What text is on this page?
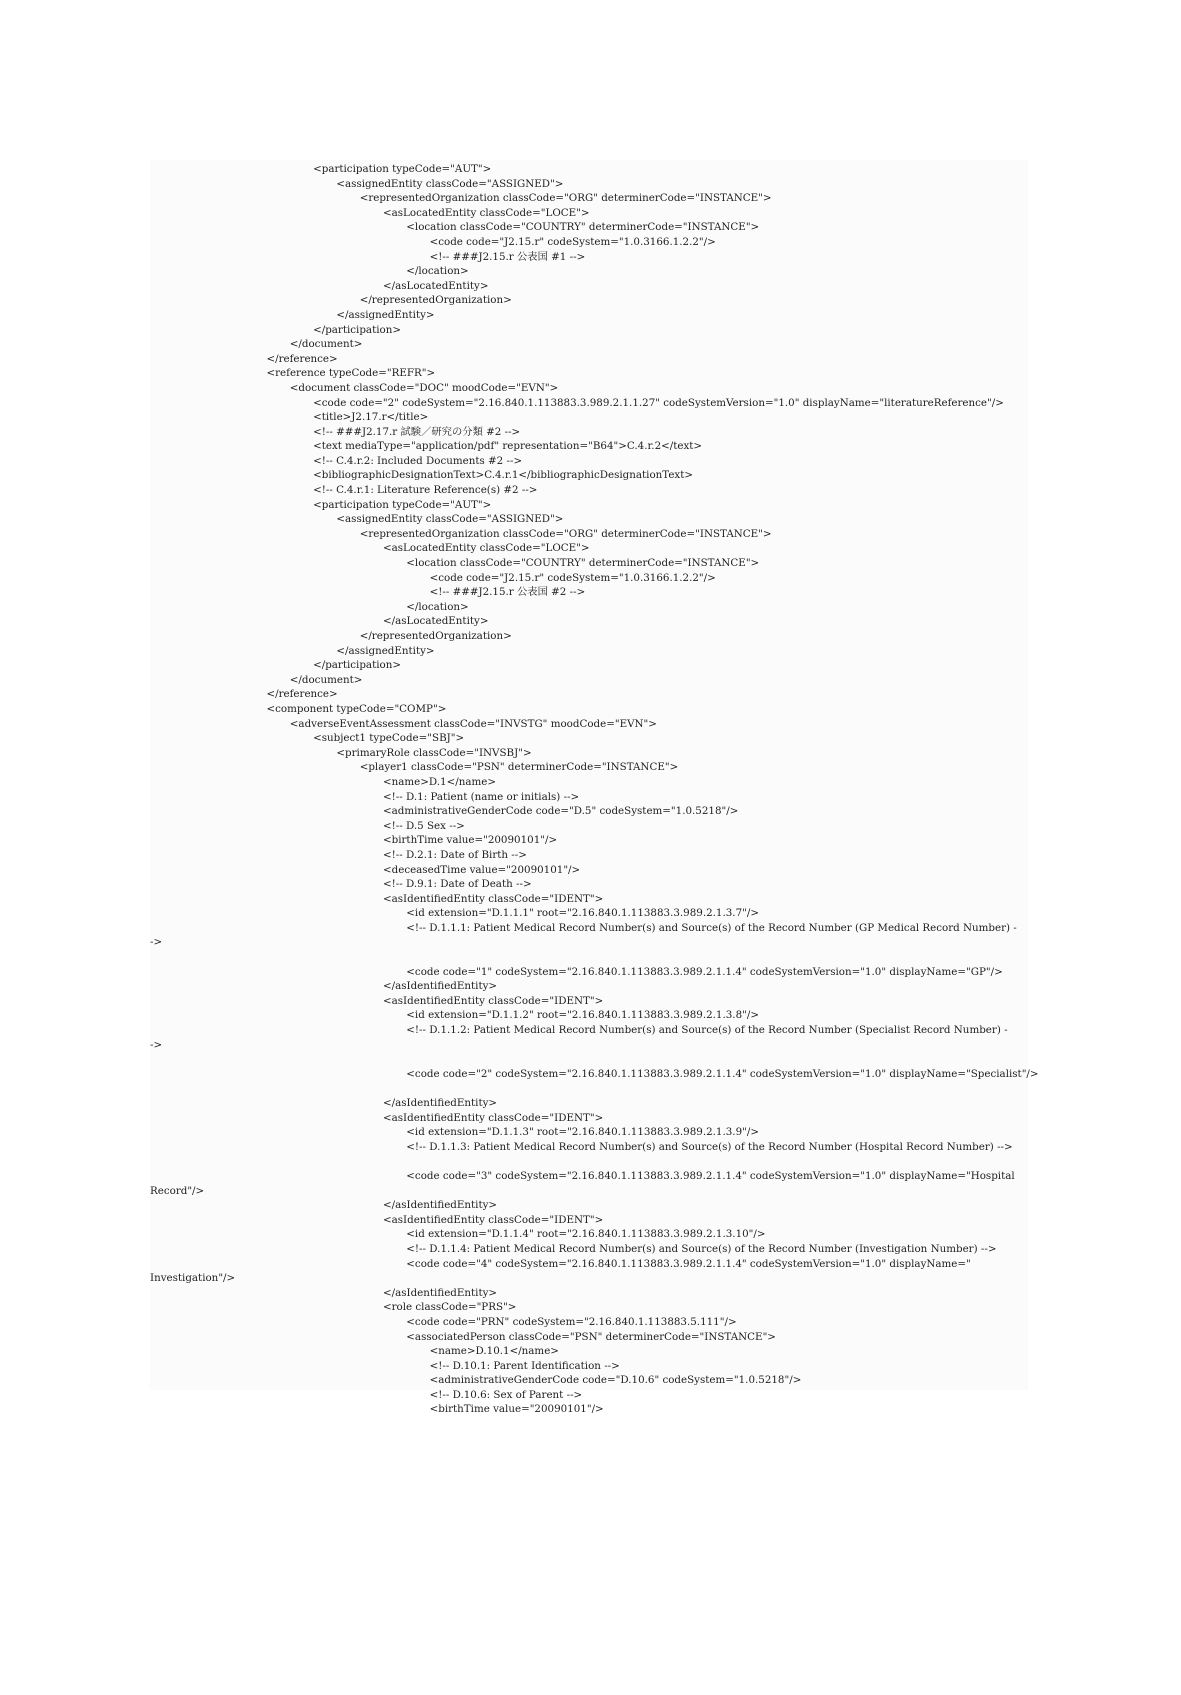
<participation typeCode="AUT">
<assignedEntity classCode="ASSIGNED">
<representedOrganization classCode="ORG" determinerCode="INSTANCE">
<asLocatedEntity classCode="LOCE">
<location classCode="COUNTRY" determinerCode="INSTANCE">
<code code="J2.15.r" codeSystem="1.0.3166.1.2.2"/>
<!-- ###J2.15.r 公表国 #1 -->
</location>
</asLocatedEntity>
</representedOrganization>
</assignedEntity>
</participation>
</document>
</reference>
<reference typeCode="REFR">
<document classCode="DOC" moodCode="EVN">
<code code="2" codeSystem="2.16.840.1.113883.3.989.2.1.1.27" codeSystemVersion="1.0" displayName="literatureReference"/>
<title>J2.17.r</title>
<!-- ###J2.17.r 試験／研究の分類 #2 -->
<text mediaType="application/pdf" representation="B64">C.4.r.2</text>
<!-- C.4.r.2: Included Documents #2 -->
<bibliographicDesignationText>C.4.r.1</bibliographicDesignationText>
<!-- C.4.r.1: Literature Reference(s) #2 -->
<participation typeCode="AUT">
<assignedEntity classCode="ASSIGNED">
<representedOrganization classCode="ORG" determinerCode="INSTANCE">
<asLocatedEntity classCode="LOCE">
<location classCode="COUNTRY" determinerCode="INSTANCE">
<code code="J2.15.r" codeSystem="1.0.3166.1.2.2"/>
<!-- ###J2.15.r 公表国 #2 -->
</location>
</asLocatedEntity>
</representedOrganization>
</assignedEntity>
</participation>
</document>
</reference>
<component typeCode="COMP">
<adverseEventAssessment classCode="INVSTG" moodCode="EVN">
<subject1 typeCode="SBJ">
<primaryRole classCode="INVSBJ">
<player1 classCode="PSN" determinerCode="INSTANCE">
<name>D.1</name>
<!-- D.1: Patient (name or initials) -->
<administrativeGenderCode code="D.5" codeSystem="1.0.5218"/>
<!-- D.5 Sex -->
<birthTime value="20090101"/>
<!-- D.2.1: Date of Birth -->
<deceasedTime value="20090101"/>
<!-- D.9.1: Date of Death -->
<asIdentifiedEntity classCode="IDENT">
<id extension="D.1.1.1" root="2.16.840.1.113883.3.989.2.1.3.7"/>
<!-- D.1.1.1: Patient Medical Record Number(s) and Source(s) of the Record Number (GP Medical Record Number) -
->
<code code="1" codeSystem="2.16.840.1.113883.3.989.2.1.1.4" codeSystemVersion="1.0" displayName="GP"/>
</asIdentifiedEntity>
<asIdentifiedEntity classCode="IDENT">
<id extension="D.1.1.2" root="2.16.840.1.113883.3.989.2.1.3.8"/>
<!-- D.1.1.2: Patient Medical Record Number(s) and Source(s) of the Record Number (Specialist Record Number) -
->
<code code="2" codeSystem="2.16.840.1.113883.3.989.2.1.1.4" codeSystemVersion="1.0" displayName="Specialist"/>
</asIdentifiedEntity>
<asIdentifiedEntity classCode="IDENT">
<id extension="D.1.1.3" root="2.16.840.1.113883.3.989.2.1.3.9"/>
<!-- D.1.1.3: Patient Medical Record Number(s) and Source(s) of the Record Number (Hospital Record Number) -->
<code code="3" codeSystem="2.16.840.1.113883.3.989.2.1.1.4" codeSystemVersion="1.0" displayName="Hospital
Record"/>
</asIdentifiedEntity>
<asIdentifiedEntity classCode="IDENT">
<id extension="D.1.1.4" root="2.16.840.1.113883.3.989.2.1.3.10"/>
<!-- D.1.1.4: Patient Medical Record Number(s) and Source(s) of the Record Number (Investigation Number) -->
<code code="4" codeSystem="2.16.840.1.113883.3.989.2.1.1.4" codeSystemVersion="1.0" displayName="
Investigation"/>
</asIdentifiedEntity>
<role classCode="PRS">
<code code="PRN" codeSystem="2.16.840.1.113883.5.111"/>
<associatedPerson classCode="PSN" determinerCode="INSTANCE">
<name>D.10.1</name>
<!-- D.10.1: Parent Identification -->
<administrativeGenderCode code="D.10.6" codeSystem="1.0.5218"/>
<!-- D.10.6: Sex of Parent -->
<birthTime value="20090101"/>
